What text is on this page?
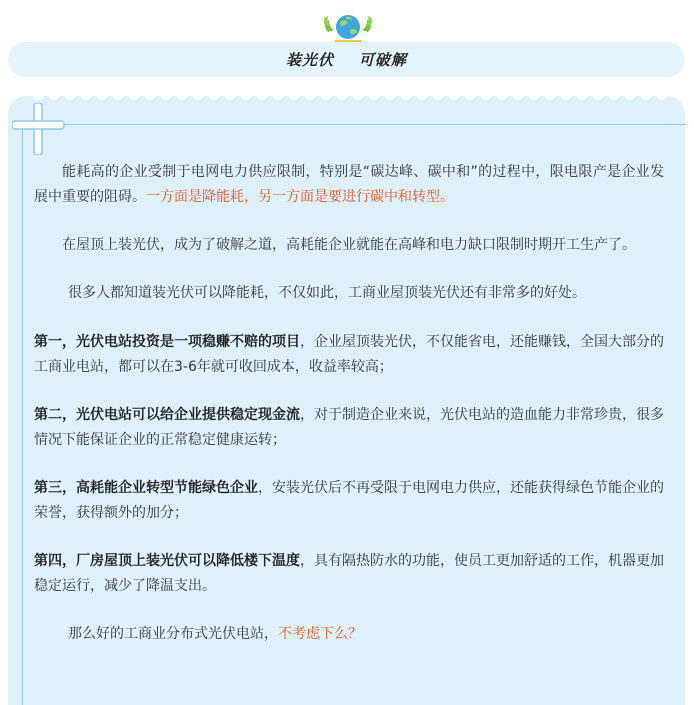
装光伏    可破解

能耗高的企业受制于电网电力供应限制，特别是“碳达峰、碳中和”的过程中，限电限产是企业发展中重要的阻碍。一方面是降能耗，另一方面是要进行碳中和转型。

在屋顶上装光伏，成为了破解之道，高耗能企业就能在高峰和电力缺口限制时期开工生产了。

很多人都知道装光伏可以降能耗，不仅如此，工商业屋顶装光伏还有非常多的好处。

第一，光伏电站投资是一项稳赚不赔的项目，企业屋顶装光伏，不仅能省电，还能赚钱，全国大部分的工商业电站，都可以在3-6年就可收回成本，收益率较高；

第二，光伏电站可以给企业提供稳定现金流，对于制造企业来说，光伏电站的造血能力非常珍贵，很多情况下能保证企业的正常稳定健康运转；

第三，高耗能企业转型节能绿色企业，安装光伏后不再受限于电网电力供应，还能获得绿色节能企业的荣誉，获得额外的加分；

第四，厂房屋顶上装光伏可以降低楼下温度，具有隔热防水的功能，使员工更加舒适的工作，机器更加稳定运行，减少了降温支出。

那么好的工商业分布式光伏电站，不考虑下么？
